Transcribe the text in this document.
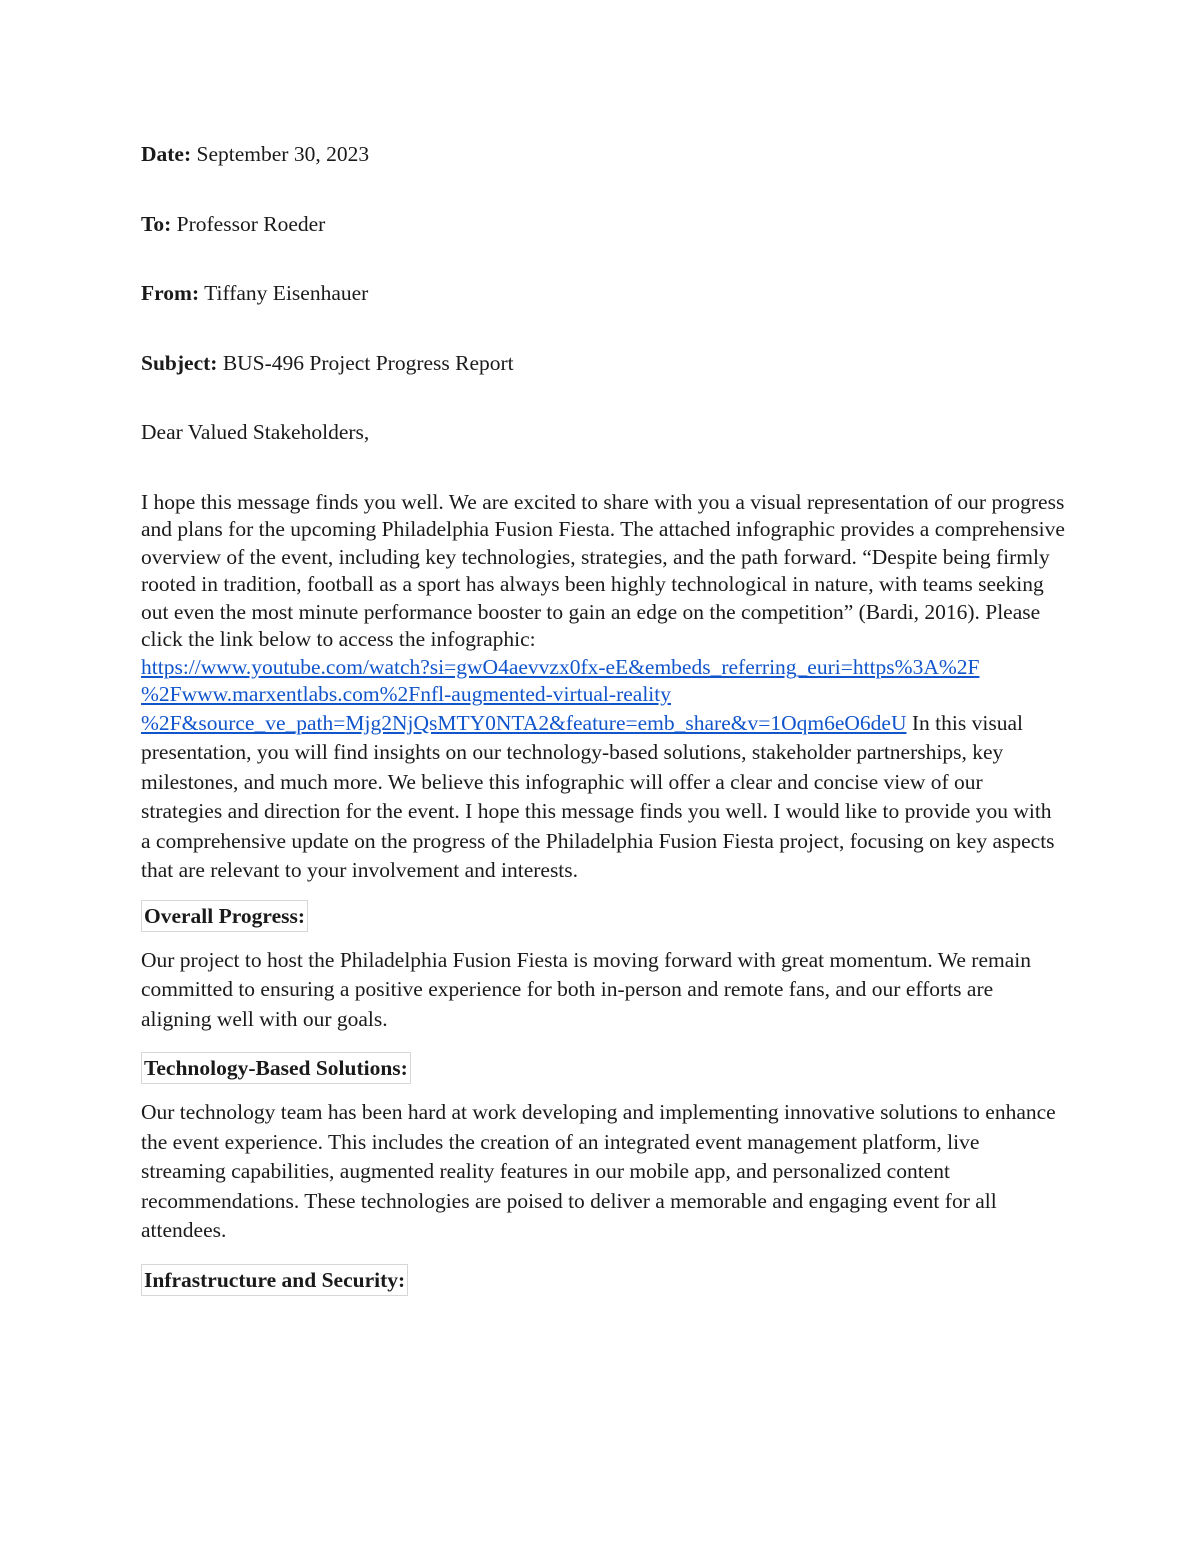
Date: September 30, 2023

To: Professor Roeder

From: Tiffany Eisenhauer

Subject: BUS-496 Project Progress Report

Dear Valued Stakeholders,

I hope this message finds you well. We are excited to share with you a visual representation of our progress and plans for the upcoming Philadelphia Fusion Fiesta. The attached infographic provides a comprehensive overview of the event, including key technologies, strategies, and the path forward. “Despite being firmly rooted in tradition, football as a sport has always been highly technological in nature, with teams seeking out even the most minute performance booster to gain an edge on the competition” (Bardi, 2016). Please click the link below to access the infographic:
https://www.youtube.com/watch?si=gwO4aevvzx0fx-eE&embeds_referring_euri=https%3A%2F
%2Fwww.marxentlabs.com%2Fnfl-augmented-virtual-reality
%2F&source_ve_path=Mjg2NjQsMTY0NTA2&feature=emb_share&v=1Oqm6eO6deU In this visual presentation, you will find insights on our technology-based solutions, stakeholder partnerships, key milestones, and much more. We believe this infographic will offer a clear and concise view of our strategies and direction for the event. I hope this message finds you well. I would like to provide you with a comprehensive update on the progress of the Philadelphia Fusion Fiesta project, focusing on key aspects that are relevant to your involvement and interests.

Overall Progress:

Our project to host the Philadelphia Fusion Fiesta is moving forward with great momentum. We remain committed to ensuring a positive experience for both in-person and remote fans, and our efforts are aligning well with our goals.

Technology-Based Solutions:

Our technology team has been hard at work developing and implementing innovative solutions to enhance the event experience. This includes the creation of an integrated event management platform, live streaming capabilities, augmented reality features in our mobile app, and personalized content recommendations. These technologies are poised to deliver a memorable and engaging event for all attendees.

Infrastructure and Security:
